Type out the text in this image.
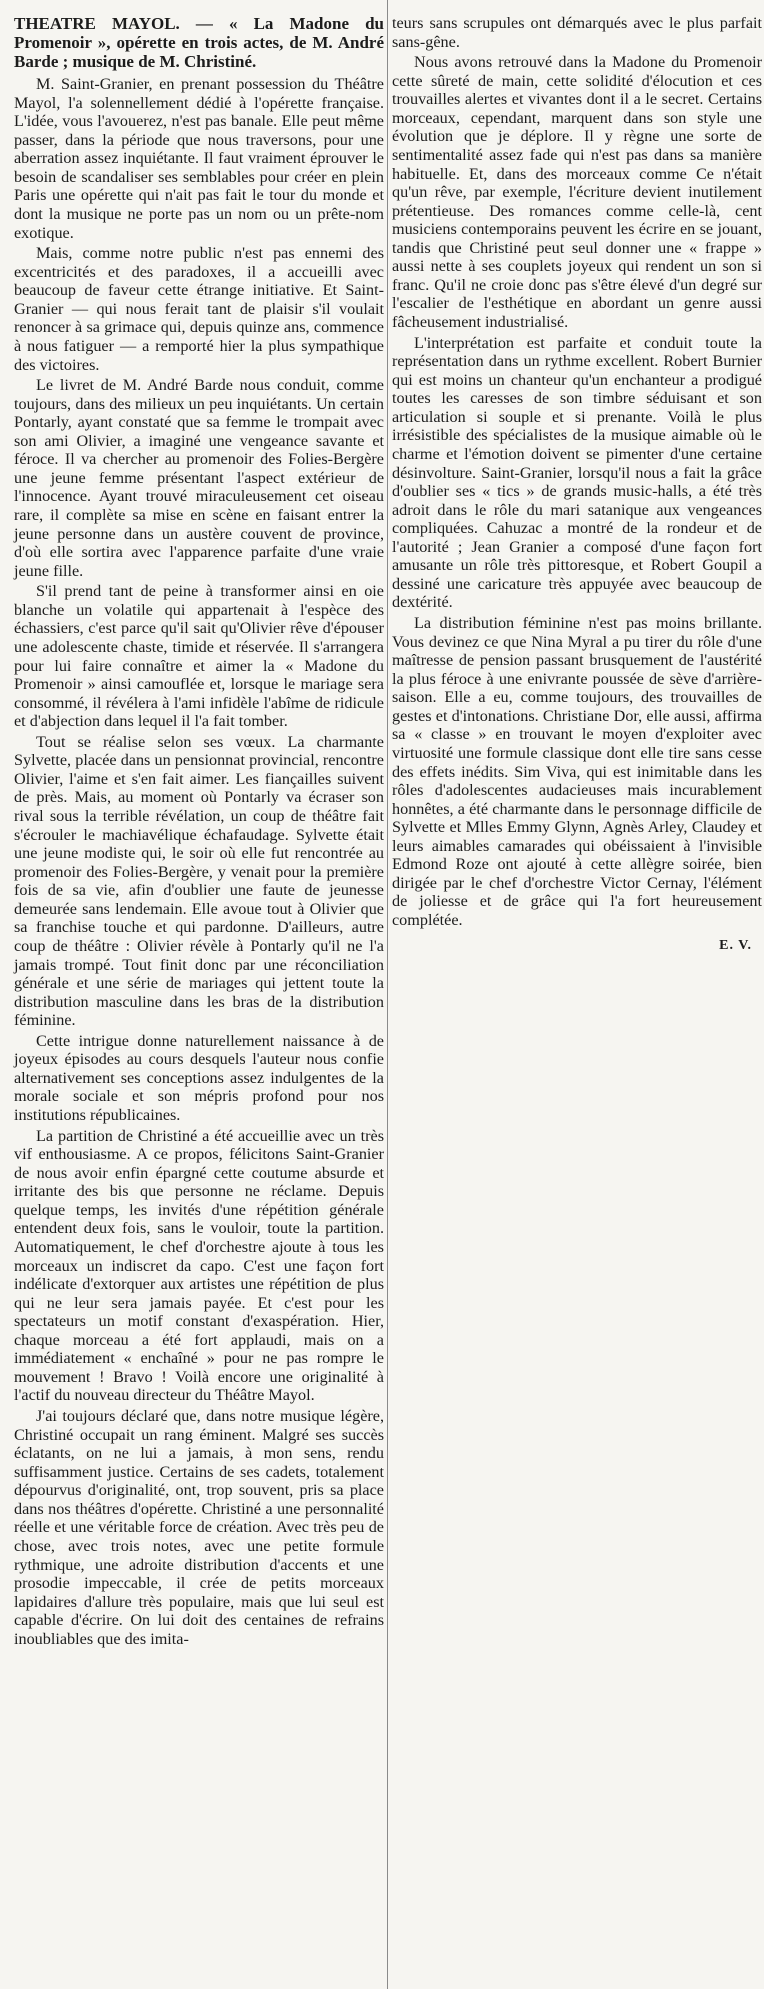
THEATRE MAYOL. — « La Madone du Promenoir », opérette en trois actes, de M. André Barde ; musique de M. Christiné.

M. Saint-Granier, en prenant possession du Théâtre Mayol, l'a solennellement dédié à l'opérette française. L'idée, vous l'avouerez, n'est pas banale. Elle peut même passer, dans la période que nous traversons, pour une aberration assez inquiétante. Il faut vraiment éprouver le besoin de scandaliser ses semblables pour créer en plein Paris une opérette qui n'ait pas fait le tour du monde et dont la musique ne porte pas un nom ou un prête-nom exotique.

Mais, comme notre public n'est pas ennemi des excentricités et des paradoxes, il a accueilli avec beaucoup de faveur cette étrange initiative. Et Saint-Granier — qui nous ferait tant de plaisir s'il voulait renoncer à sa grimace qui, depuis quinze ans, commence à nous fatiguer — a remporté hier la plus sympathique des victoires.

Le livret de M. André Barde nous conduit, comme toujours, dans des milieux un peu inquiétants. Un certain Pontarly, ayant constaté que sa femme le trompait avec son ami Olivier, a imaginé une vengeance savante et féroce. Il va chercher au promenoir des Folies-Bergère une jeune femme présentant l'aspect extérieur de l'innocence. Ayant trouvé miraculeusement cet oiseau rare, il complète sa mise en scène en faisant entrer la jeune personne dans un austère couvent de province, d'où elle sortira avec l'apparence parfaite d'une vraie jeune fille.

S'il prend tant de peine à transformer ainsi en oie blanche un volatile qui appartenait à l'espèce des échassiers, c'est parce qu'il sait qu'Olivier rêve d'épouser une adolescente chaste, timide et réservée. Il s'arrangera pour lui faire connaître et aimer la « Madone du Promenoir » ainsi camouflée et, lorsque le mariage sera consommé, il révélera à l'ami infidèle l'abîme de ridicule et d'abjection dans lequel il l'a fait tomber.

Tout se réalise selon ses vœux. La charmante Sylvette, placée dans un pensionnat provincial, rencontre Olivier, l'aime et s'en fait aimer. Les fiançailles suivent de près. Mais, au moment où Pontarly va écraser son rival sous la terrible révélation, un coup de théâtre fait s'écrouler le machiavélique échafaudage. Sylvette était une jeune modiste qui, le soir où elle fut rencontrée au promenoir des Folies-Bergère, y venait pour la première fois de sa vie, afin d'oublier une faute de jeunesse demeurée sans lendemain. Elle avoue tout à Olivier que sa franchise touche et qui pardonne. D'ailleurs, autre coup de théâtre : Olivier révèle à Pontarly qu'il ne l'a jamais trompé. Tout finit donc par une réconciliation générale et une série de mariages qui jettent toute la distribution masculine dans les bras de la distribution féminine.

Cette intrigue donne naturellement naissance à de joyeux épisodes au cours desquels l'auteur nous confie alternativement ses conceptions assez indulgentes de la morale sociale et son mépris profond pour nos institutions républicaines.

La partition de Christiné a été accueillie avec un très vif enthousiasme. A ce propos, félicitons Saint-Granier de nous avoir enfin épargné cette coutume absurde et irritante des bis que personne ne réclame. Depuis quelque temps, les invités d'une répétition générale entendent deux fois, sans le vouloir, toute la partition. Automatiquement, le chef d'orchestre ajoute à tous les morceaux un indiscret da capo. C'est une façon fort indélicate d'extorquer aux artistes une répétition de plus qui ne leur sera jamais payée. Et c'est pour les spectateurs un motif constant d'exaspération. Hier, chaque morceau a été fort applaudi, mais on a immédiatement « enchaîné » pour ne pas rompre le mouvement ! Bravo ! Voilà encore une originalité à l'actif du nouveau directeur du Théâtre Mayol.

J'ai toujours déclaré que, dans notre musique légère, Christiné occupait un rang éminent. Malgré ses succès éclatants, on ne lui a jamais, à mon sens, rendu suffisamment justice. Certains de ses cadets, totalement dépourvus d'originalité, ont, trop souvent, pris sa place dans nos théâtres d'opérette. Christiné a une personnalité réelle et une véritable force de création. Avec très peu de chose, avec trois notes, avec une petite formule rythmique, une adroite distribution d'accents et une prosodie impeccable, il crée de petits morceaux lapidaires d'allure très populaire, mais que lui seul est capable d'écrire. On lui doit des centaines de refrains inoubliables que des imita-

teurs sans scrupules ont démarqués avec le plus parfait sans-gêne.

Nous avons retrouvé dans la Madone du Promenoir cette sûreté de main, cette solidité d'élocution et ces trouvailles alertes et vivantes dont il a le secret. Certains morceaux, cependant, marquent dans son style une évolution que je déplore. Il y règne une sorte de sentimentalité assez fade qui n'est pas dans sa manière habituelle. Et, dans des morceaux comme Ce n'était qu'un rêve, par exemple, l'écriture devient inutilement prétentieuse. Des romances comme celle-là, cent musiciens contemporains peuvent les écrire en se jouant, tandis que Christiné peut seul donner une « frappe » aussi nette à ses couplets joyeux qui rendent un son si franc. Qu'il ne croie donc pas s'être élevé d'un degré sur l'escalier de l'esthétique en abordant un genre aussi fâcheusement industrialisé.

L'interprétation est parfaite et conduit toute la représentation dans un rythme excellent. Robert Burnier qui est moins un chanteur qu'un enchanteur a prodigué toutes les caresses de son timbre séduisant et son articulation si souple et si prenante. Voilà le plus irrésistible des spécialistes de la musique aimable où le charme et l'émotion doivent se pimenter d'une certaine désinvolture. Saint-Granier, lorsqu'il nous a fait la grâce d'oublier ses « tics » de grands music-halls, a été très adroit dans le rôle du mari satanique aux vengeances compliquées. Cahuzac a montré de la rondeur et de l'autorité ; Jean Granier a composé d'une façon fort amusante un rôle très pittoresque, et Robert Goupil a dessiné une caricature très appuyée avec beaucoup de dextérité.

La distribution féminine n'est pas moins brillante. Vous devinez ce que Nina Myral a pu tirer du rôle d'une maîtresse de pension passant brusquement de l'austérité la plus féroce à une enivrante poussée de sève d'arrière-saison. Elle a eu, comme toujours, des trouvailles de gestes et d'intonations. Christiane Dor, elle aussi, affirma sa « classe » en trouvant le moyen d'exploiter avec virtuosité une formule classique dont elle tire sans cesse des effets inédits. Sim Viva, qui est inimitable dans les rôles d'adolescentes audacieuses mais incurablement honnêtes, a été charmante dans le personnage difficile de Sylvette et Mlles Emmy Glynn, Agnès Arley, Claudey et leurs aimables camarades qui obéissaient à l'invisible Edmond Roze ont ajouté à cette allègre soirée, bien dirigée par le chef d'orchestre Victor Cernay, l'élément de joliesse et de grâce qui l'a fort heureusement complétée.

E. V.
